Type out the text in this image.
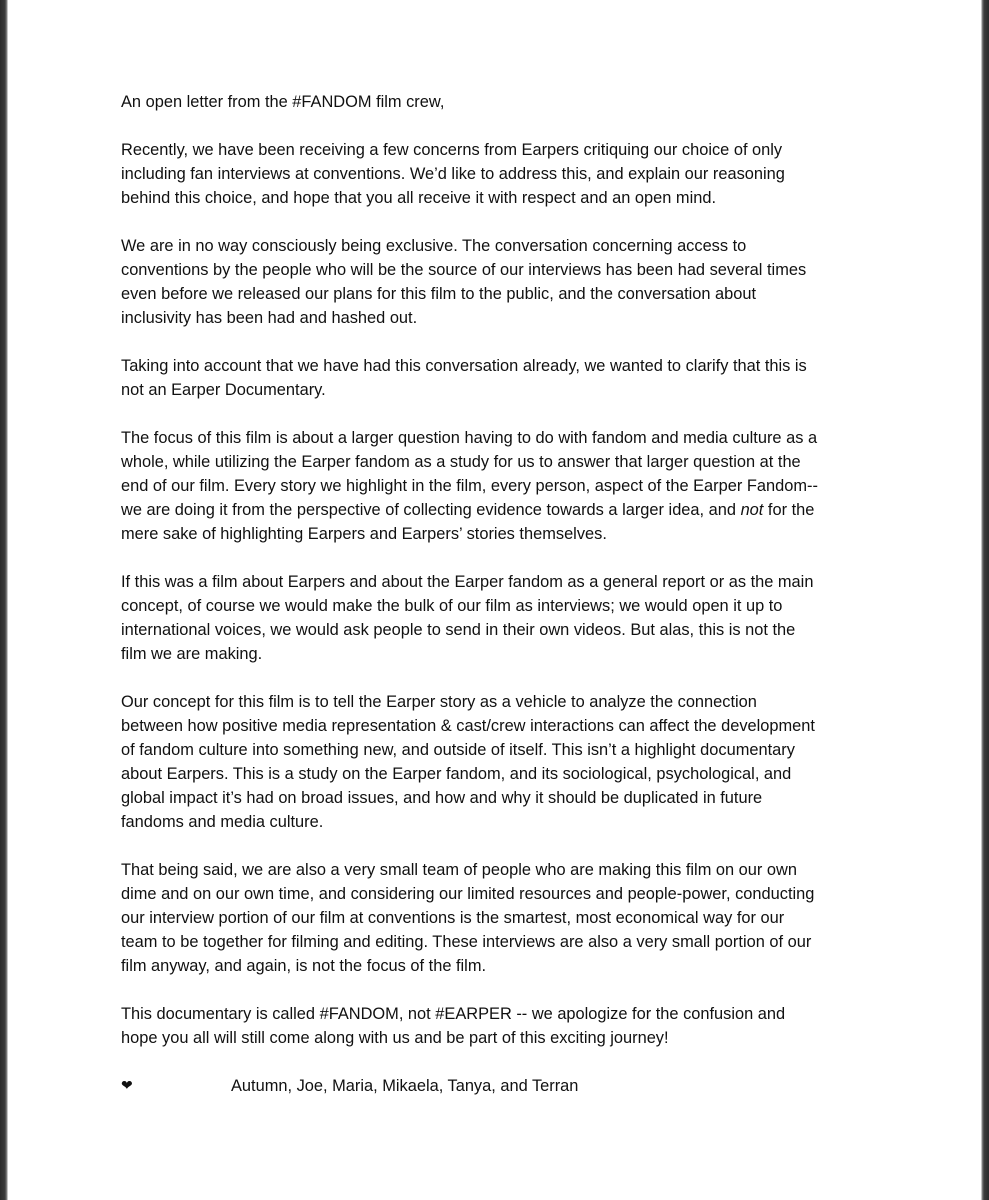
An open letter from the #FANDOM film crew,

Recently, we have been receiving a few concerns from Earpers critiquing our choice of only
including fan interviews at conventions. We’d like to address this, and explain our reasoning
behind this choice, and hope that you all receive it with respect and an open mind.

We are in no way consciously being exclusive. The conversation concerning access to
conventions by the people who will be the source of our interviews has been had several times
even before we released our plans for this film to the public, and the conversation about
inclusivity has been had and hashed out.

Taking into account that we have had this conversation already, we wanted to clarify that this is
not an Earper Documentary.

The focus of this film is about a larger question having to do with fandom and media culture as a
whole, while utilizing the Earper fandom as a study for us to answer that larger question at the
end of our film. Every story we highlight in the film, every person, aspect of the Earper Fandom--
we are doing it from the perspective of collecting evidence towards a larger idea, and not for the
mere sake of highlighting Earpers and Earpers’ stories themselves.

If this was a film about Earpers and about the Earper fandom as a general report or as the main
concept, of course we would make the bulk of our film as interviews; we would open it up to
international voices, we would ask people to send in their own videos. But alas, this is not the
film we are making.

Our concept for this film is to tell the Earper story as a vehicle to analyze the connection
between how positive media representation & cast/crew interactions can affect the development
of fandom culture into something new, and outside of itself. This isn’t a highlight documentary
about Earpers. This is a study on the Earper fandom, and its sociological, psychological, and
global impact it’s had on broad issues, and how and why it should be duplicated in future
fandoms and media culture.

That being said, we are also a very small team of people who are making this film on our own
dime and on our own time, and considering our limited resources and people-power, conducting
our interview portion of our film at conventions is the smartest, most economical way for our
team to be together for filming and editing. These interviews are also a very small portion of our
film anyway, and again, is not the focus of the film.

This documentary is called #FANDOM, not #EARPER -- we apologize for the confusion and
hope you all will still come along with us and be part of this exciting journey!

❤	Autumn, Joe, Maria, Mikaela, Tanya, and Terran
